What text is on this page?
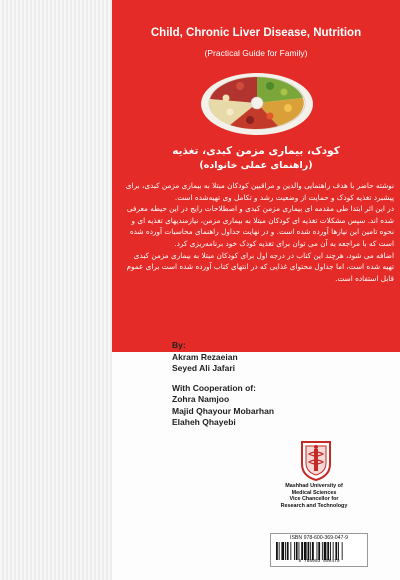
Child, Chronic Liver Disease, Nutrition
(Practical Guide for Family)
کودک، بیماری مزمن کبدی، تغذیه
(راهنمای عملی خانواده)

نوشته حاضر با هدف راهنمایی والدین و مراقبین کودکان مبتلا به بیماری مزمن کبدی، برای پیشبرد تغذیه کودک و حمایت از وضعیت رشد و تکامل وی تهیه‌شده است.

در این اثر ابتدا طی مقدمه ای بیماری مزمن کبدی و اصطلاحات رایج در این حیطه معرفی شده اند. سپس مشکلات تغذیه ای کودکان مبتلا به بیماری مزمن، نیازمندیهای تغذیه ای و نحوه تامین این نیازها آورده شده است. و در نهایت جداول راهنمای محاسبات آورده شده است که با مراجعه به آن می توان برای تغذیه کودک خود برنامه‌ریزی کرد.

اضافه می شود، هرچند این کتاب در درجه اول برای کودکان مبتلا به بیماری مزمن کبدی تهیه شده است، اما جداول محتوای غذایی که در انتهای کتاب آورده شده است برای عموم قابل استفاده است.

By:
Akram Rezaeian
Seyed Ali Jafari
With Cooperation of:
Zohra Namjoo
Majid Qhayour Mobarhan
Elaheh Qhayebi
Mashhad University of
Medical Sciences
Vice Chancellor for
Research and Technology
ISBN 978-600-369-047-9
9 786003 690479
